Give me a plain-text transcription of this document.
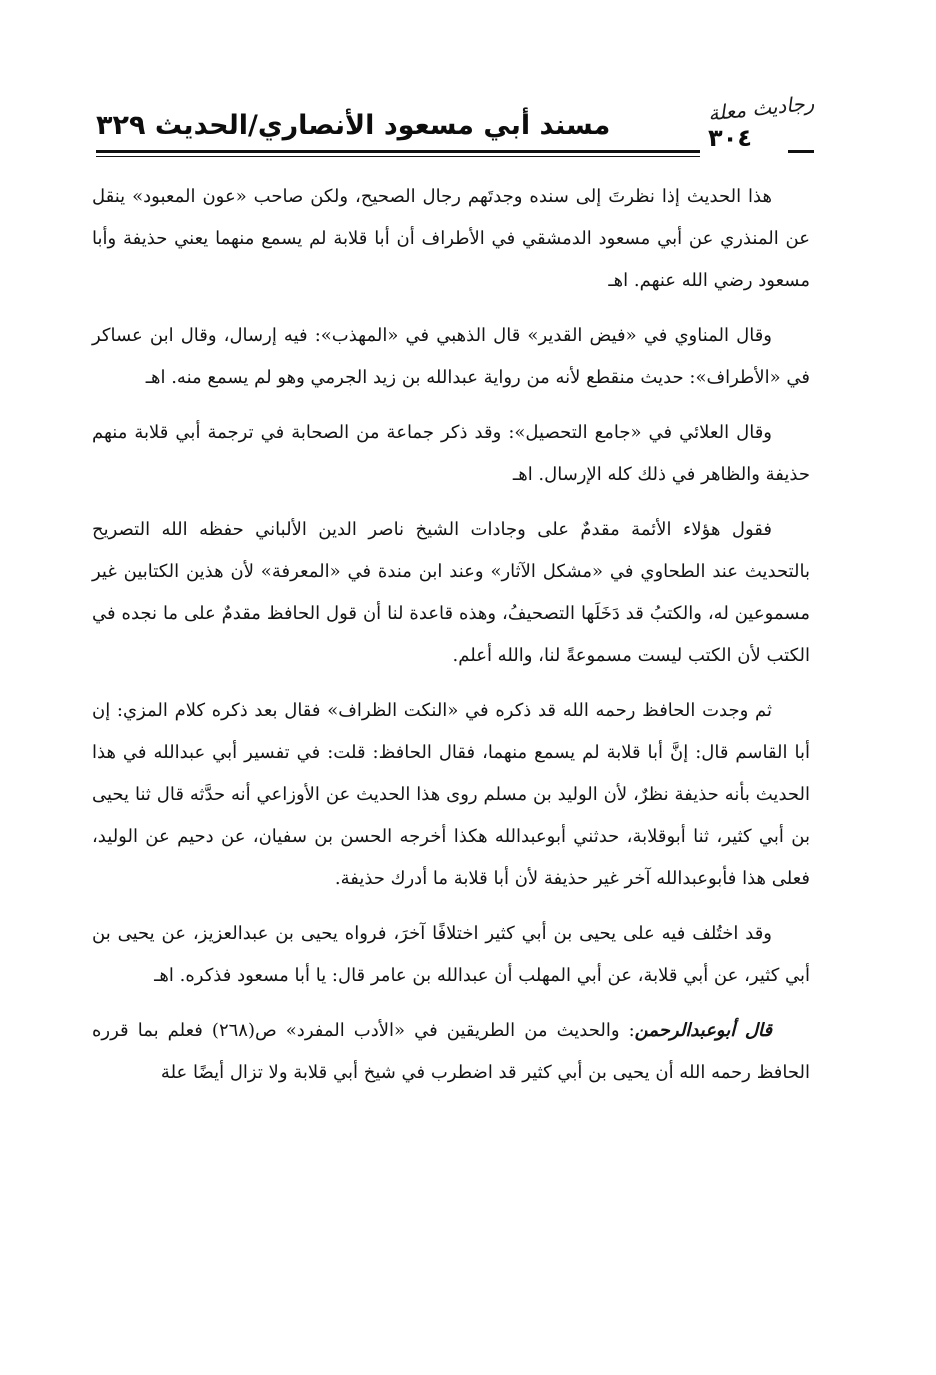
مسند أبي مسعود الأنصاري/الحديث ٣٢٩	٣٠٤
رجاديث معلة

هذا الحديث إذا نظرتَ إلى سنده وجدتَهم رجال الصحيح، ولكن صاحب «عون المعبود» ينقل عن المنذري عن أبي مسعود الدمشقي في الأطراف أن أبا قلابة لم يسمع منهما يعني حذيفة وأبا مسعود رضي الله عنهم. اهـ

وقال المناوي في «فيض القدير» قال الذهبي في «المهذب»: فيه إرسال، وقال ابن عساكر في «الأطراف»: حديث منقطع لأنه من رواية عبدالله بن زيد الجرمي وهو لم يسمع منه. اهـ

وقال العلائي في «جامع التحصيل»: وقد ذكر جماعة من الصحابة في ترجمة أبي قلابة منهم حذيفة والظاهر في ذلك كله الإرسال. اهـ

فقول هؤلاء الأئمة مقدمٌ على وجادات الشيخ ناصر الدين الألباني حفظه الله التصريح بالتحديث عند الطحاوي في «مشكل الآثار» وعند ابن مندة في «المعرفة» لأن هذين الكتابين غير مسموعين له، والكتبُ قد دَخَلَها التصحيفُ، وهذه قاعدة لنا أن قول الحافظ مقدمٌ على ما نجده في الكتب لأن الكتب ليست مسموعةً لنا، والله أعلم.

ثم وجدت الحافظ رحمه الله قد ذكره في «النكت الظراف» فقال بعد ذكره كلام المزي: إن أبا القاسم قال: إنَّ أبا قلابة لم يسمع منهما، فقال الحافظ: قلت: في تفسير أبي عبدالله في هذا الحديث بأنه حذيفة نظرٌ، لأن الوليد بن مسلم روى هذا الحديث عن الأوزاعي أنه حدَّثه قال ثنا يحيى بن أبي كثير، ثنا أبوقلابة، حدثني أبوعبدالله هكذا أخرجه الحسن بن سفيان، عن دحيم عن الوليد، فعلى هذا فأبوعبدالله آخر غير حذيفة لأن أبا قلابة ما أدرك حذيفة.

وقد اختُلف فيه على يحيى بن أبي كثير اختلافًا آخرَ، فرواه يحيى بن عبدالعزيز، عن يحيى بن أبي كثير، عن أبي قلابة، عن أبي المهلب أن عبدالله بن عامر قال: يا أبا مسعود فذكره. اهـ

قال أبوعبدالرحمن: والحديث من الطريقين في «الأدب المفرد» ص(٢٦٨) فعلم بما قرره الحافظ رحمه الله أن يحيى بن أبي كثير قد اضطرب في شيخ أبي قلابة ولا تزال أيضًا علة
